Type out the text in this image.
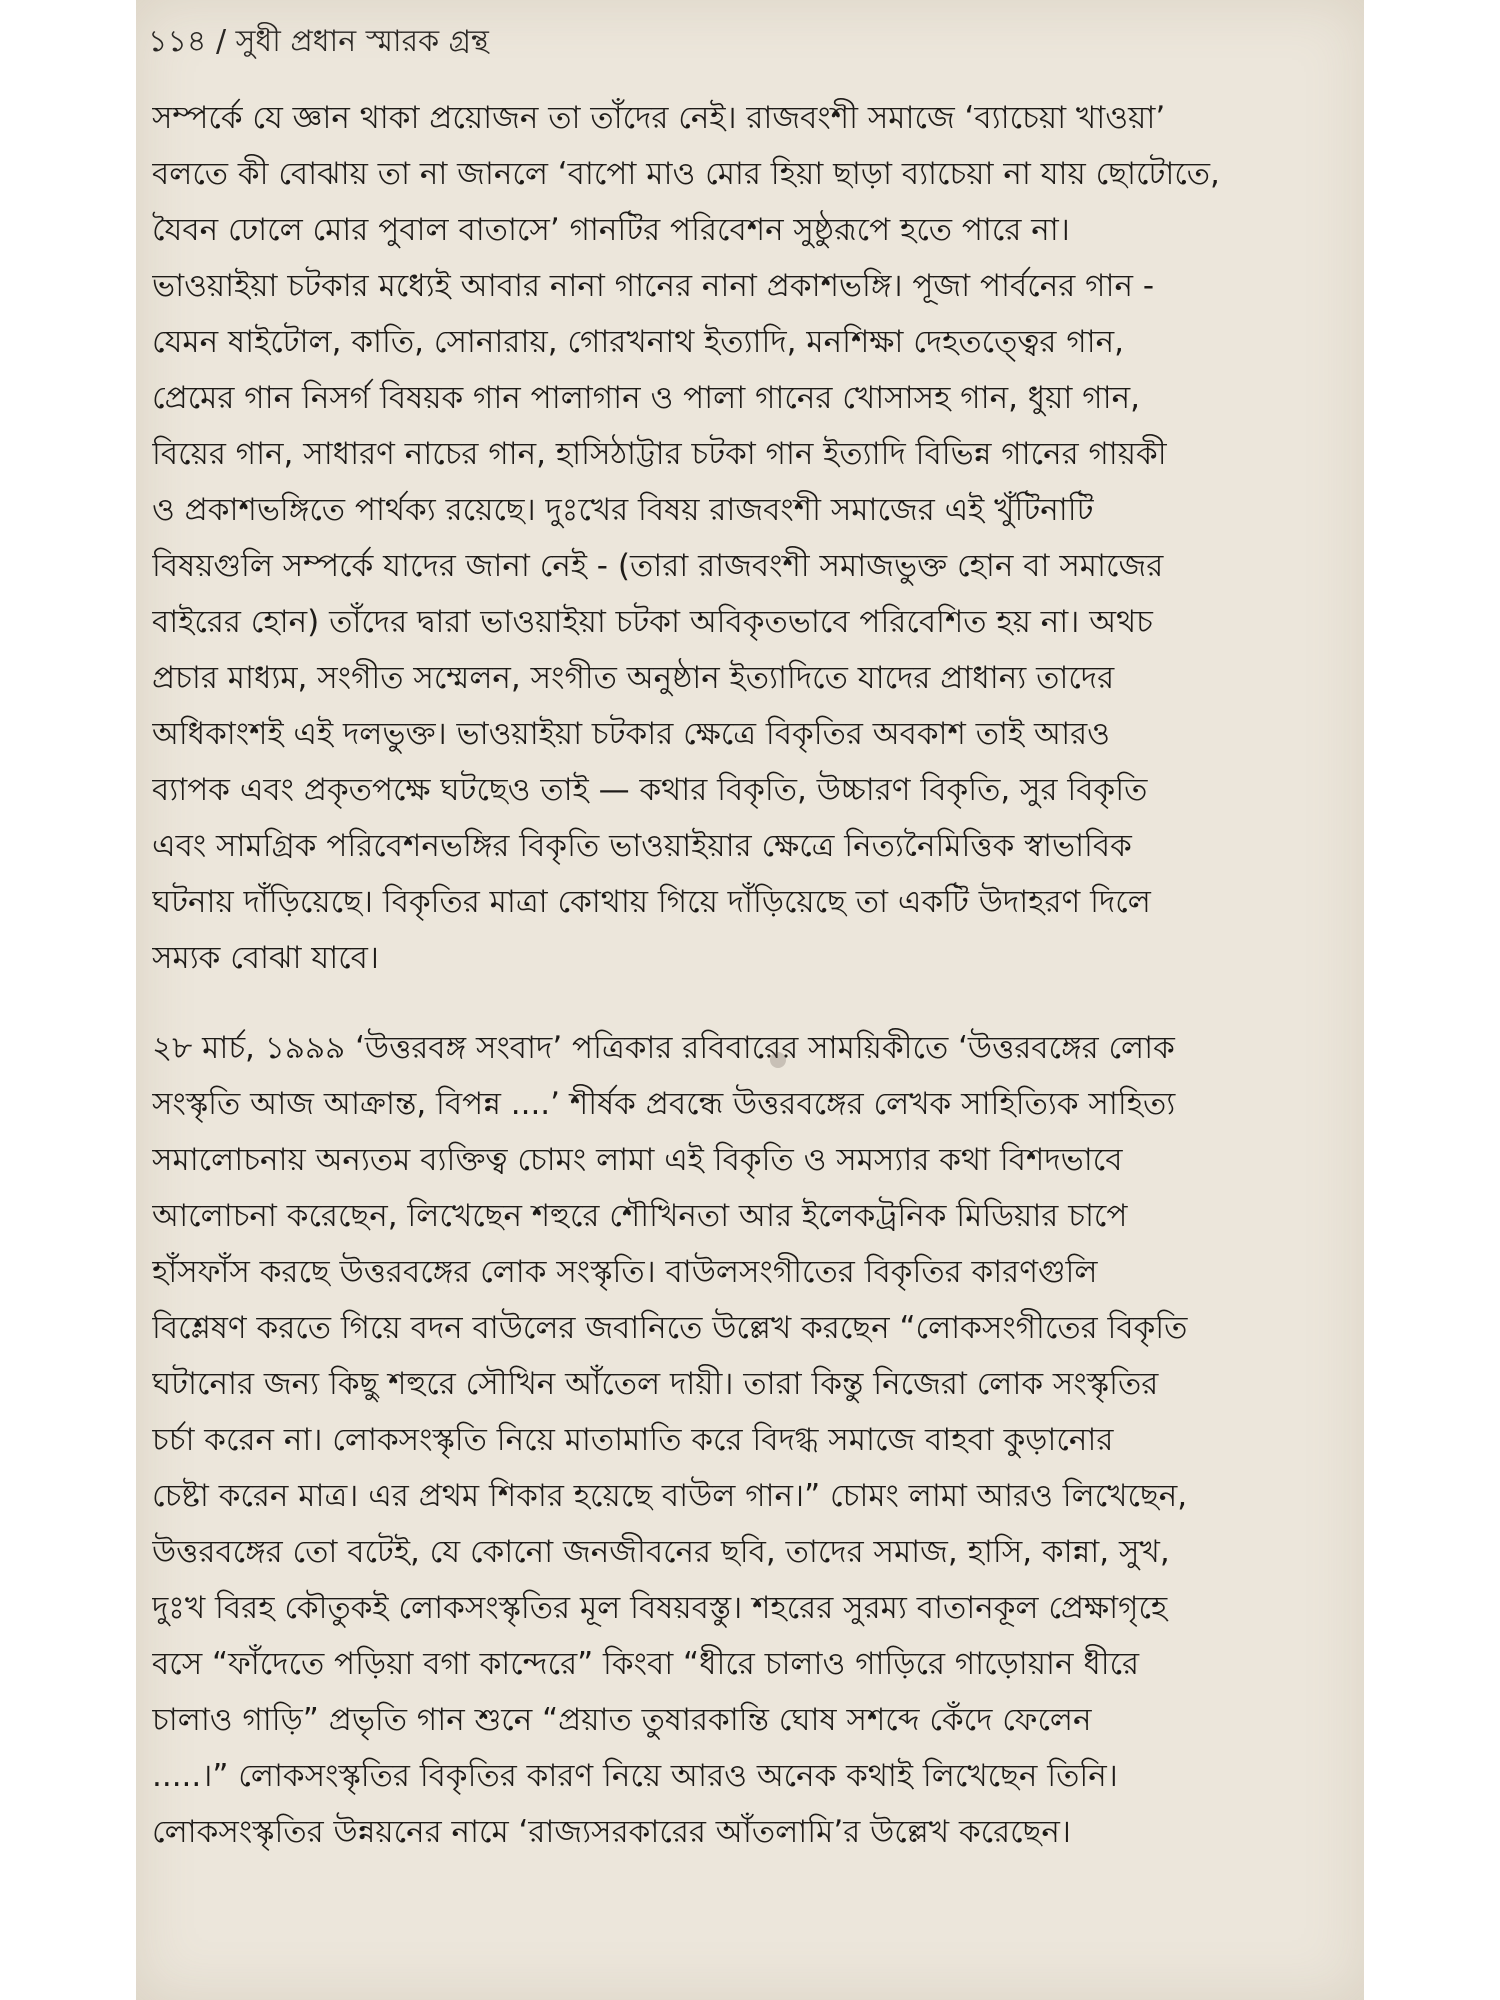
১১৪ / সুধী প্রধান স্মারক গ্রন্থ
সম্পর্কে যে জ্ঞান থাকা প্রয়োজন তা তাঁদের নেই। রাজবংশী সমাজে ‘ব্যাচেয়া খাওয়া’
বলতে কী বোঝায় তা না জানলে ‘বাপো মাও মোর হিয়া ছাড়া ব্যাচেয়া না যায় ছোটোতে,
যৈবন ঢোলে মোর পুবাল বাতাসে’ গানটির পরিবেশন সুষ্ঠুরূপে হতে পারে না।
ভাওয়াইয়া চটকার মধ্যেই আবার নানা গানের নানা প্রকাশভঙ্গি। পূজা পার্বনের গান -
যেমন ষাইটোল, কাতি, সোনারায়, গোরখনাথ ইত্যাদি, মনশিক্ষা দেহতত্ত্বের গান,
প্রেমের গান নিসর্গ বিষয়ক গান পালাগান ও পালা গানের খোসাসহ গান, ধুয়া গান,
বিয়ের গান, সাধারণ নাচের গান, হাসিঠাট্টার চটকা গান ইত্যাদি বিভিন্ন গানের গায়কী
ও প্রকাশভঙ্গিতে পার্থক্য রয়েছে। দুঃখের বিষয় রাজবংশী সমাজের এই খুঁটিনাটি
বিষয়গুলি সম্পর্কে যাদের জানা নেই - (তারা রাজবংশী সমাজভুক্ত হোন বা সমাজের
বাইরের হোন) তাঁদের দ্বারা ভাওয়াইয়া চটকা অবিকৃতভাবে পরিবেশিত হয় না। অথচ
প্রচার মাধ্যম, সংগীত সম্মেলন, সংগীত অনুষ্ঠান ইত্যাদিতে যাদের প্রাধান্য তাদের
অধিকাংশই এই দলভুক্ত। ভাওয়াইয়া চটকার ক্ষেত্রে বিকৃতির অবকাশ তাই আরও
ব্যাপক এবং প্রকৃতপক্ষে ঘটছেও তাই — কথার বিকৃতি, উচ্চারণ বিকৃতি, সুর বিকৃতি
এবং সামগ্রিক পরিবেশনভঙ্গির বিকৃতি ভাওয়াইয়ার ক্ষেত্রে নিত্যনৈমিত্তিক স্বাভাবিক
ঘটনায় দাঁড়িয়েছে। বিকৃতির মাত্রা কোথায় গিয়ে দাঁড়িয়েছে তা একটি উদাহরণ দিলে
সম্যক বোঝা যাবে।
২৮ মার্চ, ১৯৯৯ ‘উত্তরবঙ্গ সংবাদ’ পত্রিকার রবিবারের সাময়িকীতে ‘উত্তরবঙ্গের লোক
সংস্কৃতি আজ আক্রান্ত, বিপন্ন ....’ শীর্ষক প্রবন্ধে উত্তরবঙ্গের লেখক সাহিত্যিক সাহিত্য
সমালোচনায় অন্যতম ব্যক্তিত্ব চোমং লামা এই বিকৃতি ও সমস্যার কথা বিশদভাবে
আলোচনা করেছেন, লিখেছেন শহুরে শৌখিনতা আর ইলেকট্রনিক মিডিয়ার চাপে
হাঁসফাঁস করছে উত্তরবঙ্গের লোক সংস্কৃতি। বাউলসংগীতের বিকৃতির কারণগুলি
বিশ্লেষণ করতে গিয়ে বদন বাউলের জবানিতে উল্লেখ করছেন “লোকসংগীতের বিকৃতি
ঘটানোর জন্য কিছু শহুরে সৌখিন আঁতেল দায়ী। তারা কিন্তু নিজেরা লোক সংস্কৃতির
চর্চা করেন না। লোকসংস্কৃতি নিয়ে মাতামাতি করে বিদগ্ধ সমাজে বাহবা কুড়ানোর
চেষ্টা করেন মাত্র। এর প্রথম শিকার হয়েছে বাউল গান।” চোমং লামা আরও লিখেছেন,
উত্তরবঙ্গের তো বটেই, যে কোনো জনজীবনের ছবি, তাদের সমাজ, হাসি, কান্না, সুখ,
দুঃখ বিরহ কৌতুকই লোকসংস্কৃতির মূল বিষয়বস্তু। শহরের সুরম্য বাতানকূল প্রেক্ষাগৃহে
বসে “ফাঁদেতে পড়িয়া বগা কান্দেরে” কিংবা “ধীরে চালাও গাড়িরে গাড়োয়ান ধীরে
চালাও গাড়ি” প্রভৃতি গান শুনে “প্রয়াত তুষারকান্তি ঘোষ সশব্দে কেঁদে ফেলেন
.....।” লোকসংস্কৃতির বিকৃতির কারণ নিয়ে আরও অনেক কথাই লিখেছেন তিনি।
লোকসংস্কৃতির উন্নয়নের নামে ‘রাজ্যসরকারের আঁতলামি’র উল্লেখ করেছেন।
